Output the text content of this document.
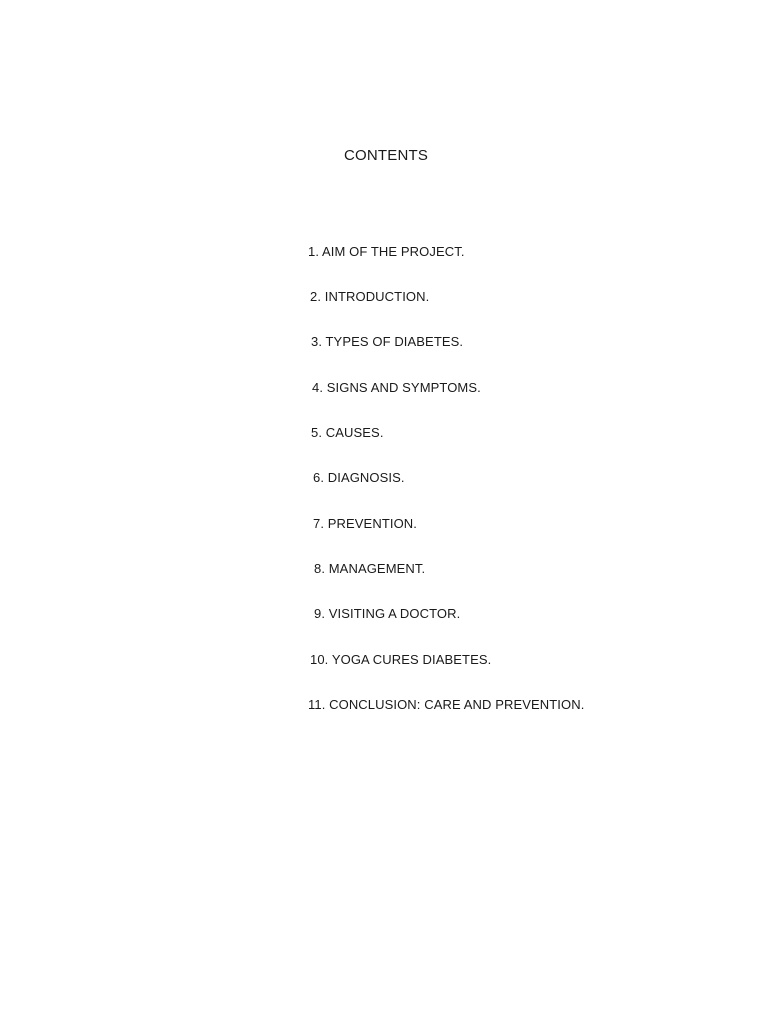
CONTENTS
1. AIM OF THE PROJECT.
2. INTRODUCTION.
3. TYPES OF DIABETES.
4. SIGNS AND SYMPTOMS.
5. CAUSES.
6. DIAGNOSIS.
7. PREVENTION.
8. MANAGEMENT.
9. VISITING A DOCTOR.
10. YOGA CURES DIABETES.
11. CONCLUSION: CARE AND PREVENTION.
